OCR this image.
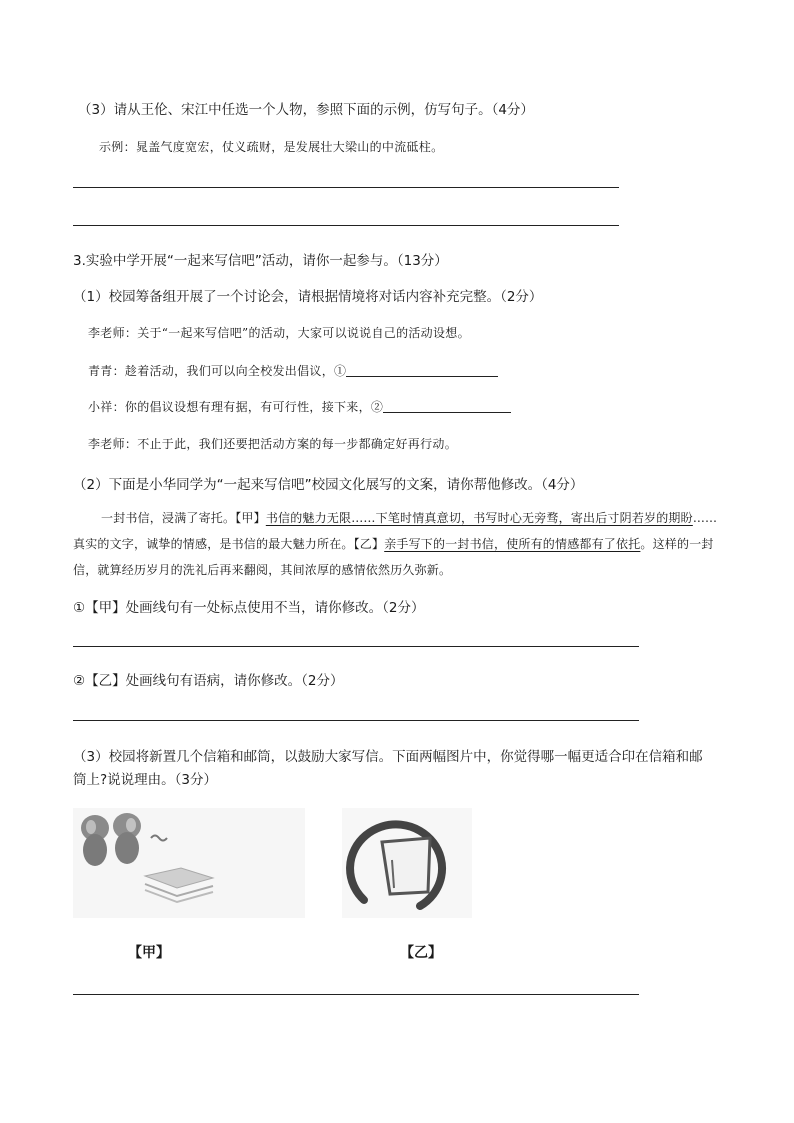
（3）请从王伦、宋江中任选一个人物，参照下面的示例，仿写句子。（4分）
示例：晁盖气度宽宏，仗义疏财，是发展壮大梁山的中流砥柱。
3.实验中学开展“一起来写信吧”活动，请你一起参与。（13分）
（1）校园筹备组开展了一个讨论会，请根据情境将对话内容补充完整。（2分）
李老师：关于“一起来写信吧”的活动，大家可以说说自己的活动设想。
青青：趁着活动，我们可以向全校发出倡议，①
小祥：你的倡议设想有理有据，有可行性，接下来，②
李老师：不止于此，我们还要把活动方案的每一步都确定好再行动。
（2）下面是小华同学为“一起来写信吧”校园文化展写的文案，请你帮他修改。（4分）
一封书信，浸满了寄托。【甲】书信的魅力无限……下笔时情真意切，书写时心无旁骛，寄出后寸阴若岁的期盼……真实的文字，诚挚的情感，是书信的最大魅力所在。【乙】亲手写下的一封书信，使所有的情感都有了依托。这样的一封信，就算经历岁月的洗礼后再来翻阅，其间浓厚的感情依然历久弥新。
①【甲】处画线句有一处标点使用不当，请你修改。（2分）
②【乙】处画线句有语病，请你修改。（2分）
（3）校园将新置几个信箱和邮筒，以鼓励大家写信。下面两幅图片中，你觉得哪一幅更适合印在信箱和邮
筒上?说说理由。（3分）
【甲】	【乙】
